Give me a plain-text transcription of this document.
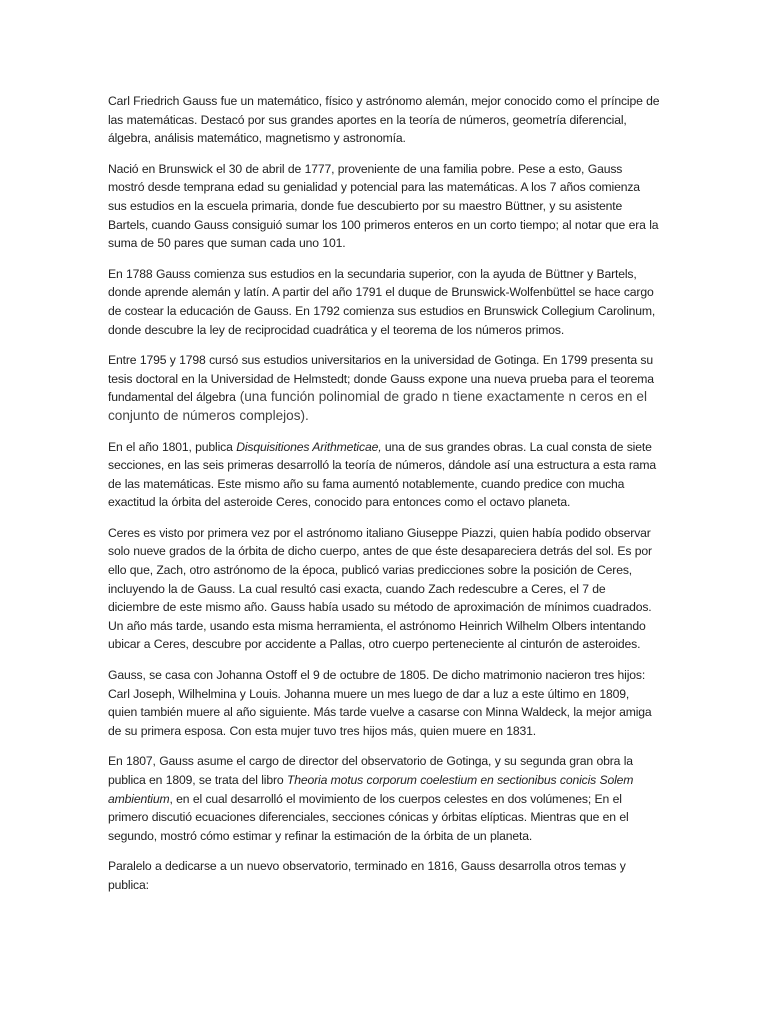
Carl Friedrich Gauss fue un matemático, físico y astrónomo alemán, mejor conocido como el príncipe de las matemáticas. Destacó por sus grandes aportes en la teoría de números, geometría diferencial, álgebra, análisis matemático, magnetismo y astronomía.

Nació en Brunswick el 30 de abril de 1777, proveniente de una familia pobre. Pese a esto, Gauss mostró desde temprana edad su genialidad y potencial para las matemáticas. A los 7 años comienza sus estudios en la escuela primaria, donde fue descubierto por su maestro Büttner, y su asistente Bartels, cuando Gauss consiguió sumar los 100 primeros enteros en un corto tiempo; al notar que era la suma de 50 pares que suman cada uno 101.

En 1788 Gauss comienza sus estudios en la secundaria superior, con la ayuda de Büttner y Bartels, donde aprende alemán y latín. A partir del año 1791 el duque de Brunswick-Wolfenbüttel se hace cargo de costear la educación de Gauss. En 1792 comienza sus estudios en Brunswick Collegium Carolinum, donde descubre la ley de reciprocidad cuadrática y el teorema de los números primos.

Entre 1795 y 1798 cursó sus estudios universitarios en la universidad de Gotinga. En 1799 presenta su tesis doctoral en la Universidad de Helmstedt; donde Gauss expone una nueva prueba para el teorema fundamental del álgebra (una función polinomial de grado n tiene exactamente n ceros en el conjunto de números complejos).

En el año 1801, publica Disquisitiones Arithmeticae, una de sus grandes obras. La cual consta de siete secciones, en las seis primeras desarrolló la teoría de números, dándole así una estructura a esta rama de las matemáticas. Este mismo año su fama aumentó notablemente, cuando predice con mucha exactitud la órbita del asteroide Ceres, conocido para entonces como el octavo planeta.

Ceres es visto por primera vez por el astrónomo italiano Giuseppe Piazzi, quien había podido observar solo nueve grados de la órbita de dicho cuerpo, antes de que éste desapareciera detrás del sol. Es por ello que, Zach, otro astrónomo de la época, publicó varias predicciones sobre la posición de Ceres, incluyendo la de Gauss. La cual resultó casi exacta, cuando Zach redescubre a Ceres, el 7 de diciembre de este mismo año. Gauss había usado su método de aproximación de mínimos cuadrados. Un año más tarde, usando esta misma herramienta, el astrónomo Heinrich Wilhelm Olbers intentando ubicar a Ceres, descubre por accidente a Pallas, otro cuerpo perteneciente al cinturón de asteroides.

Gauss, se casa con Johanna Ostoff el 9 de octubre de 1805. De dicho matrimonio nacieron tres hijos: Carl Joseph, Wilhelmina y Louis. Johanna muere un mes luego de dar a luz a este último en 1809, quien también muere al año siguiente. Más tarde vuelve a casarse con Minna Waldeck, la mejor amiga de su primera esposa. Con esta mujer tuvo tres hijos más, quien muere en 1831.

En 1807, Gauss asume el cargo de director del observatorio de Gotinga, y su segunda gran obra la publica en 1809, se trata del libro Theoria motus corporum coelestium en sectionibus conicis Solem ambientium, en el cual desarrolló el movimiento de los cuerpos celestes en dos volúmenes; En el primero discutió ecuaciones diferenciales, secciones cónicas y órbitas elípticas. Mientras que en el segundo, mostró cómo estimar y refinar la estimación de la órbita de un planeta.

Paralelo a dedicarse a un nuevo observatorio, terminado en 1816, Gauss desarrolla otros temas y publica:
